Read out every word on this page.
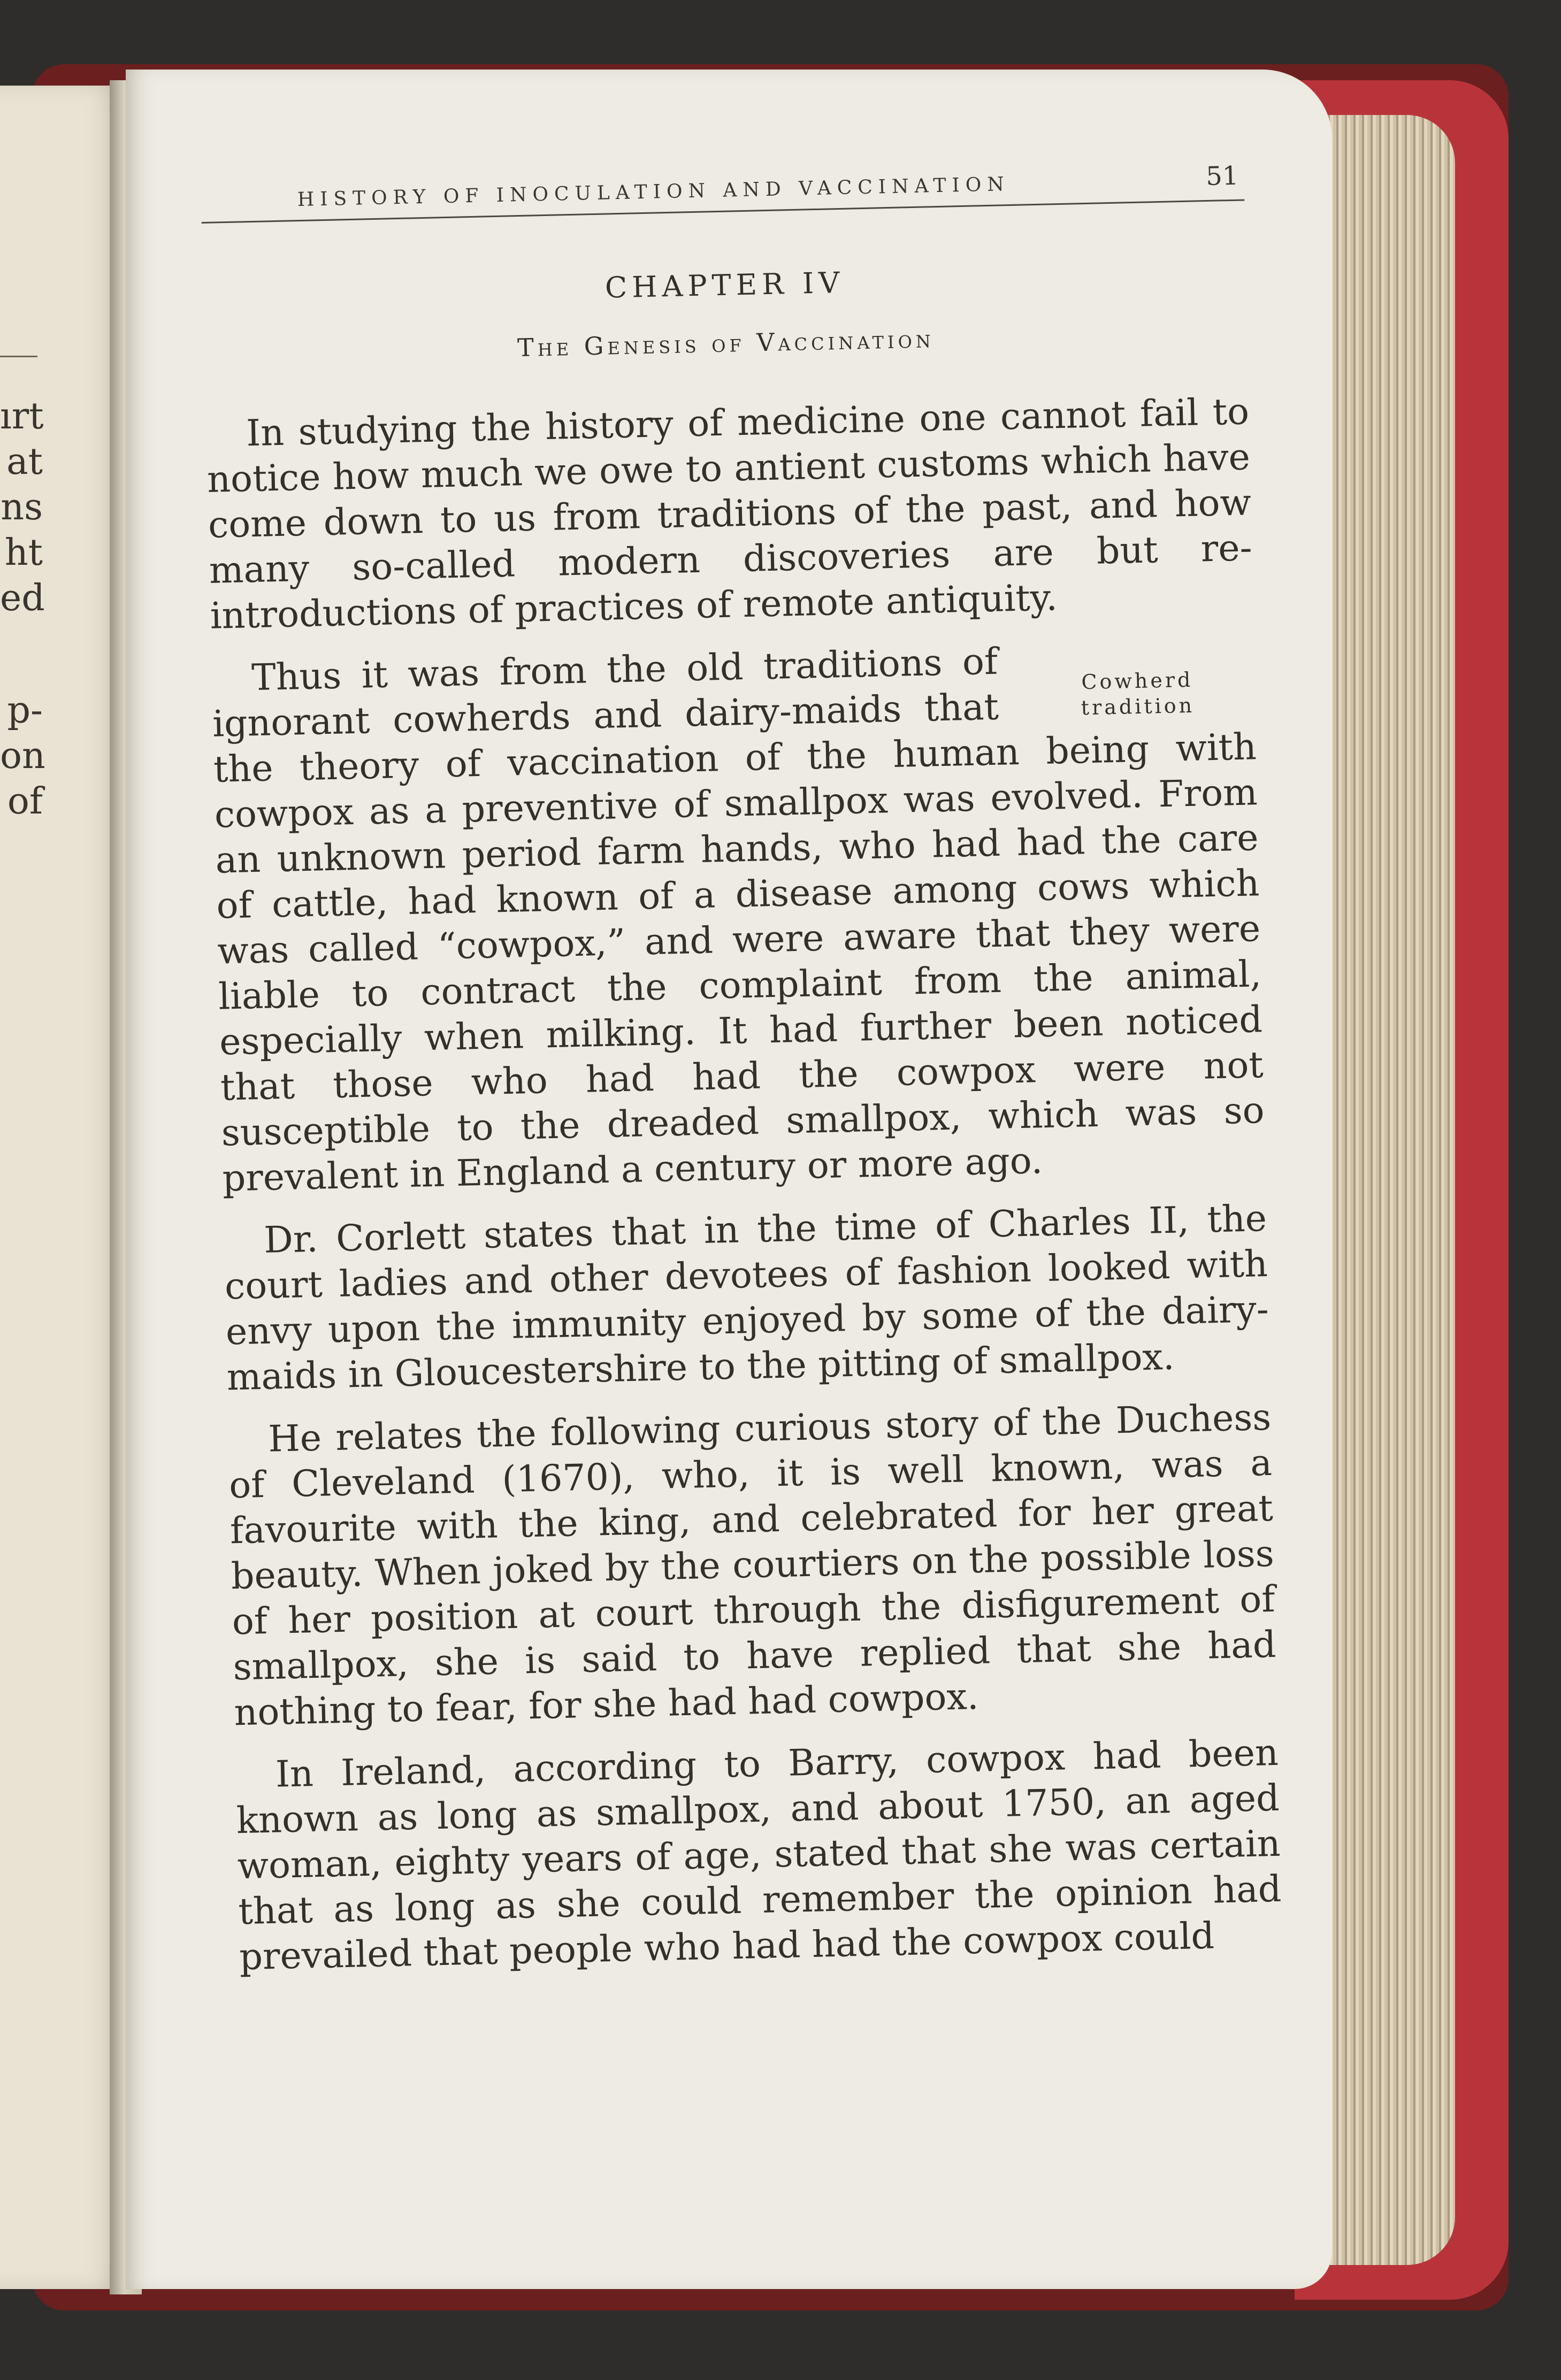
ırt
at
ns
ht
ed
p-
on
of
HISTORY OF INOCULATION AND VACCINATION	51
CHAPTER IV
The Genesis of Vaccination

In studying the history of medicine one cannot fail to notice how much we owe to antient customs which have come down to us from traditions of the past, and how many so-called modern discoveries are but re-introductions of practices of remote antiquity.

Cowherd
tradition
Thus it was from the old traditions of ignorant cowherds and dairy-maids that the theory of vaccination of the human being with cowpox as a preventive of smallpox was evolved. From an unknown period farm hands, who had had the care of cattle, had known of a disease among cows which was called “cowpox,” and were aware that they were liable to contract the complaint from the animal, especially when milking. It had further been noticed that those who had had the cowpox were not susceptible to the dreaded smallpox, which was so prevalent in England a century or more ago.

Dr. Corlett states that in the time of Charles II, the court ladies and other devotees of fashion looked with envy upon the immunity enjoyed by some of the dairy-maids in Gloucestershire to the pitting of smallpox.

He relates the following curious story of the Duchess of Cleveland (1670), who, it is well known, was a favourite with the king, and celebrated for her great beauty. When joked by the courtiers on the possible loss of her position at court through the disfigurement of smallpox, she is said to have replied that she had nothing to fear, for she had had cowpox.

In Ireland, according to Barry, cowpox had been known as long as smallpox, and about 1750, an aged woman, eighty years of age, stated that she was certain that as long as she could remember the opinion had prevailed that people who had had the cowpox could
